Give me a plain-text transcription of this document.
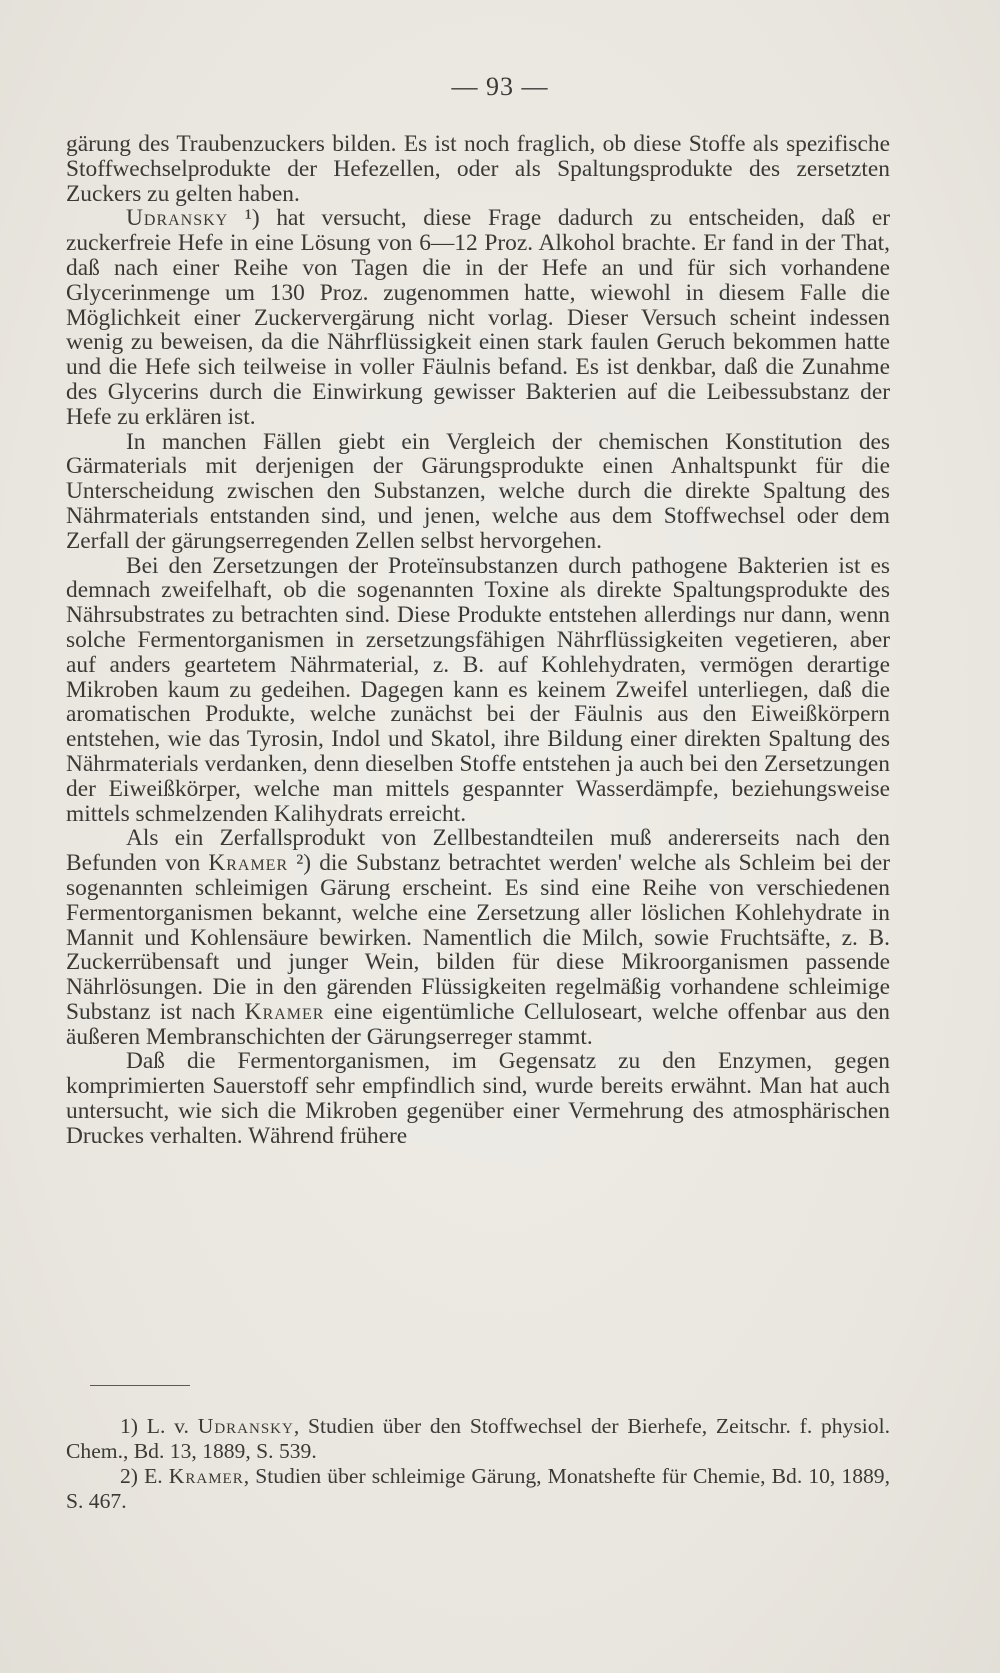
— 93 —

gärung des Traubenzuckers bilden. Es ist noch fraglich, ob diese Stoffe als spezifische Stoffwechselprodukte der Hefezellen, oder als Spaltungsprodukte des zersetzten Zuckers zu gelten haben.

Udransky ¹) hat versucht, diese Frage dadurch zu entscheiden, daß er zuckerfreie Hefe in eine Lösung von 6—12 Proz. Alkohol brachte. Er fand in der That, daß nach einer Reihe von Tagen die in der Hefe an und für sich vorhandene Glycerinmenge um 130 Proz. zugenommen hatte, wiewohl in diesem Falle die Möglichkeit einer Zuckervergärung nicht vorlag. Dieser Versuch scheint indessen wenig zu beweisen, da die Nährflüssigkeit einen stark faulen Geruch bekommen hatte und die Hefe sich teilweise in voller Fäulnis befand. Es ist denkbar, daß die Zunahme des Glycerins durch die Einwirkung gewisser Bakterien auf die Leibessubstanz der Hefe zu erklären ist.

In manchen Fällen giebt ein Vergleich der chemischen Konstitution des Gärmaterials mit derjenigen der Gärungsprodukte einen Anhaltspunkt für die Unterscheidung zwischen den Substanzen, welche durch die direkte Spaltung des Nährmaterials entstanden sind, und jenen, welche aus dem Stoffwechsel oder dem Zerfall der gärungserregenden Zellen selbst hervorgehen.

Bei den Zersetzungen der Proteïnsubstanzen durch pathogene Bakterien ist es demnach zweifelhaft, ob die sogenannten Toxine als direkte Spaltungsprodukte des Nährsubstrates zu betrachten sind. Diese Produkte entstehen allerdings nur dann, wenn solche Fermentorganismen in zersetzungsfähigen Nährflüssigkeiten vegetieren, aber auf anders geartetem Nährmaterial, z. B. auf Kohlehydraten, vermögen derartige Mikroben kaum zu gedeihen. Dagegen kann es keinem Zweifel unterliegen, daß die aromatischen Produkte, welche zunächst bei der Fäulnis aus den Eiweißkörpern entstehen, wie das Tyrosin, Indol und Skatol, ihre Bildung einer direkten Spaltung des Nährmaterials verdanken, denn dieselben Stoffe entstehen ja auch bei den Zersetzungen der Eiweißkörper, welche man mittels gespannter Wasserdämpfe, beziehungsweise mittels schmelzenden Kalihydrats erreicht.

Als ein Zerfallsprodukt von Zellbestandteilen muß andererseits nach den Befunden von Kramer ²) die Substanz betrachtet werden' welche als Schleim bei der sogenannten schleimigen Gärung erscheint. Es sind eine Reihe von verschiedenen Fermentorganismen bekannt, welche eine Zersetzung aller löslichen Kohlehydrate in Mannit und Kohlensäure bewirken. Namentlich die Milch, sowie Fruchtsäfte, z. B. Zuckerrübensaft und junger Wein, bilden für diese Mikroorganismen passende Nährlösungen. Die in den gärenden Flüssigkeiten regelmäßig vorhandene schleimige Substanz ist nach Kramer eine eigentümliche Celluloseart, welche offenbar aus den äußeren Membranschichten der Gärungserreger stammt.

Daß die Fermentorganismen, im Gegensatz zu den Enzymen, gegen komprimierten Sauerstoff sehr empfindlich sind, wurde bereits erwähnt. Man hat auch untersucht, wie sich die Mikroben gegenüber einer Vermehrung des atmosphärischen Druckes verhalten. Während frühere

1) L. v. Udransky, Studien über den Stoffwechsel der Bierhefe, Zeitschr. f. physiol. Chem., Bd. 13, 1889, S. 539.

2) E. Kramer, Studien über schleimige Gärung, Monatshefte für Chemie, Bd. 10, 1889, S. 467.
